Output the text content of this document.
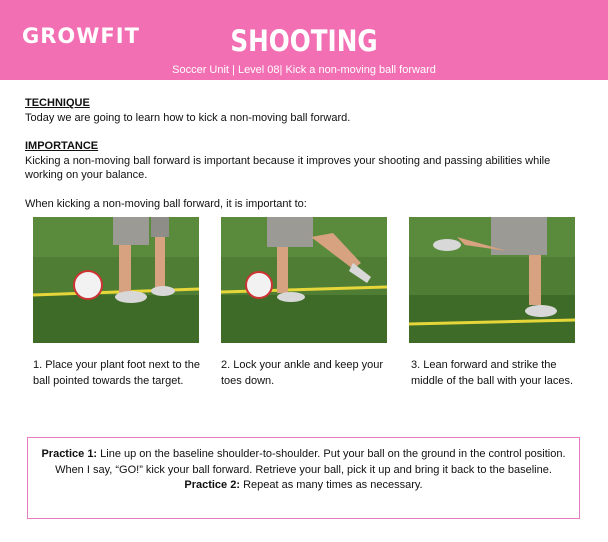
GROWFIT	SHOOTING
Soccer Unit | Level 08| Kick a non-moving ball forward
TECHNIQUE
Today we are going to learn how to kick a non-moving ball forward.
IMPORTANCE
Kicking a non-moving ball forward is important because it improves your shooting and passing abilities while working on your balance.
When kicking a non-moving ball forward, it is important to:
1. Place your plant foot next to the ball pointed towards the target.
2. Lock your ankle and keep your toes down.
3. Lean forward and strike the middle of the ball with your laces.
Practice 1: Line up on the baseline shoulder-to-shoulder. Put your ball on the ground in the control position. When I say, “GO!” kick your ball forward. Retrieve your ball, pick it up and bring it back to the baseline.
Practice 2: Repeat as many times as necessary.
